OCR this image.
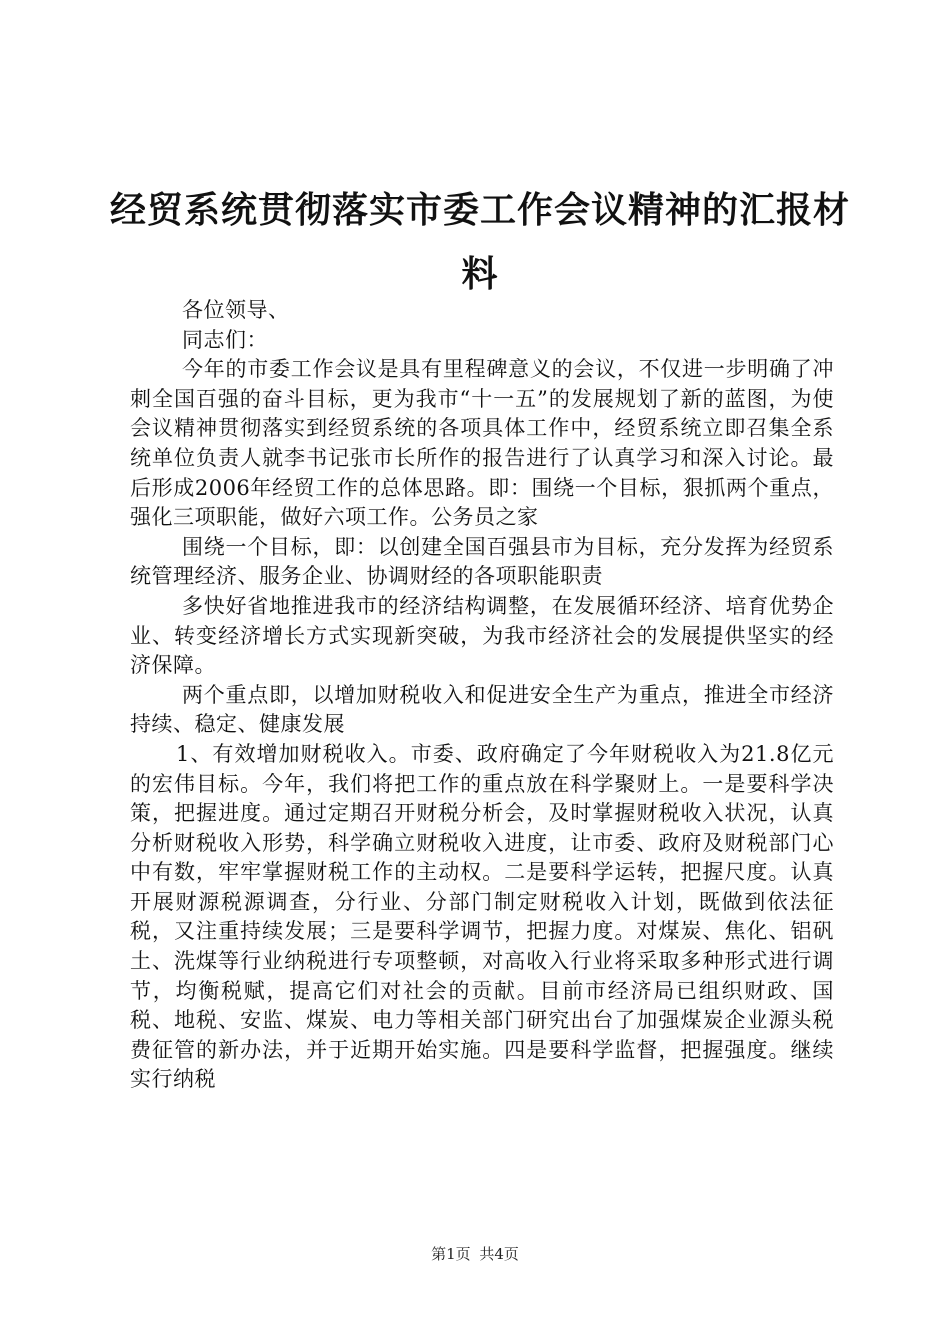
经贸系统贯彻落实市委工作会议精神的汇报材料

各位领导、

同志们：

今年的市委工作会议是具有里程碑意义的会议，不仅进一步明确了冲刺全国百强的奋斗目标，更为我市“十一五”的发展规划了新的蓝图，为使会议精神贯彻落实到经贸系统的各项具体工作中，经贸系统立即召集全系统单位负责人就李书记张市长所作的报告进行了认真学习和深入讨论。最后形成2006年经贸工作的总体思路。即：围绕一个目标，狠抓两个重点，强化三项职能，做好六项工作。公务员之家

围绕一个目标，即：以创建全国百强县市为目标，充分发挥为经贸系统管理经济、服务企业、协调财经的各项职能职责

多快好省地推进我市的经济结构调整，在发展循环经济、培育优势企业、转变经济增长方式实现新突破，为我市经济社会的发展提供坚实的经济保障。

两个重点即，以增加财税收入和促进安全生产为重点，推进全市经济持续、稳定、健康发展

1、有效增加财税收入。市委、政府确定了今年财税收入为21.8亿元的宏伟目标。今年，我们将把工作的重点放在科学聚财上。一是要科学决策，把握进度。通过定期召开财税分析会，及时掌握财税收入状况，认真分析财税收入形势，科学确立财税收入进度，让市委、政府及财税部门心中有数，牢牢掌握财税工作的主动权。二是要科学运转，把握尺度。认真开展财源税源调查，分行业、分部门制定财税收入计划，既做到依法征税，又注重持续发展；三是要科学调节，把握力度。对煤炭、焦化、铝矾土、洗煤等行业纳税进行专项整顿，对高收入行业将采取多种形式进行调节，均衡税赋，提高它们对社会的贡献。目前市经济局已组织财政、国税、地税、安监、煤炭、电力等相关部门研究出台了加强煤炭企业源头税费征管的新办法，并于近期开始实施。四是要科学监督，把握强度。继续实行纳税

第1页 共4页
